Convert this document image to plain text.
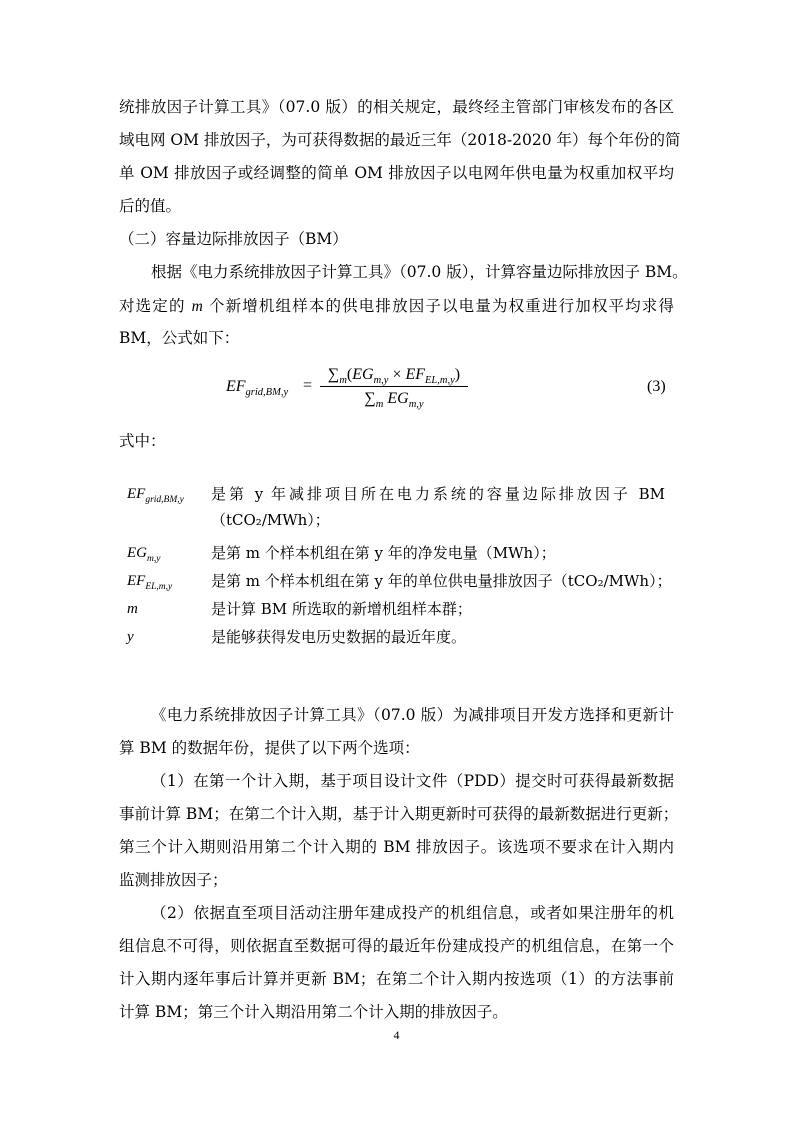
统排放因子计算工具》（07.0 版）的相关规定，最终经主管部门审核发布的各区
域电网 OM 排放因子，为可获得数据的最近三年（2018-2020 年）每个年份的简
单 OM 排放因子或经调整的简单 OM 排放因子以电网年供电量为权重加权平均
后的值。
（二）容量边际排放因子（BM）
根据《电力系统排放因子计算工具》（07.0 版），计算容量边际排放因子 BM。
对选定的 m 个新增机组样本的供电排放因子以电量为权重进行加权平均求得
BM，公式如下：
$EF_{grid,BM,y}$ =
$\sum_m(EG_{m,y} \times EF_{EL,m,y})$
$\sum_m$ $EG_{m,y}$
(3)
式中：
$EF_{grid,BM,y}$ 是第 y 年减排项目所在电力系统的容量边际排放因子 BM
（tCO₂/MWh）；
$EG_{m,y}$	是第 m 个样本机组在第 y 年的净发电量（MWh）；
$EF_{EL,m,y}$	是第 m 个样本机组在第 y 年的单位供电量排放因子（tCO₂/MWh）；
m	是计算 BM 所选取的新增机组样本群；
y	是能够获得发电历史数据的最近年度。
《电力系统排放因子计算工具》（07.0 版）为减排项目开发方选择和更新计
算 BM 的数据年份，提供了以下两个选项：
（1）在第一个计入期，基于项目设计文件（PDD）提交时可获得最新数据
事前计算 BM；在第二个计入期，基于计入期更新时可获得的最新数据进行更新；
第三个计入期则沿用第二个计入期的 BM 排放因子。该选项不要求在计入期内
监测排放因子；
（2）依据直至项目活动注册年建成投产的机组信息，或者如果注册年的机
组信息不可得，则依据直至数据可得的最近年份建成投产的机组信息，在第一个
计入期内逐年事后计算并更新 BM；在第二个计入期内按选项（1）的方法事前
计算 BM；第三个计入期沿用第二个计入期的排放因子。
4
